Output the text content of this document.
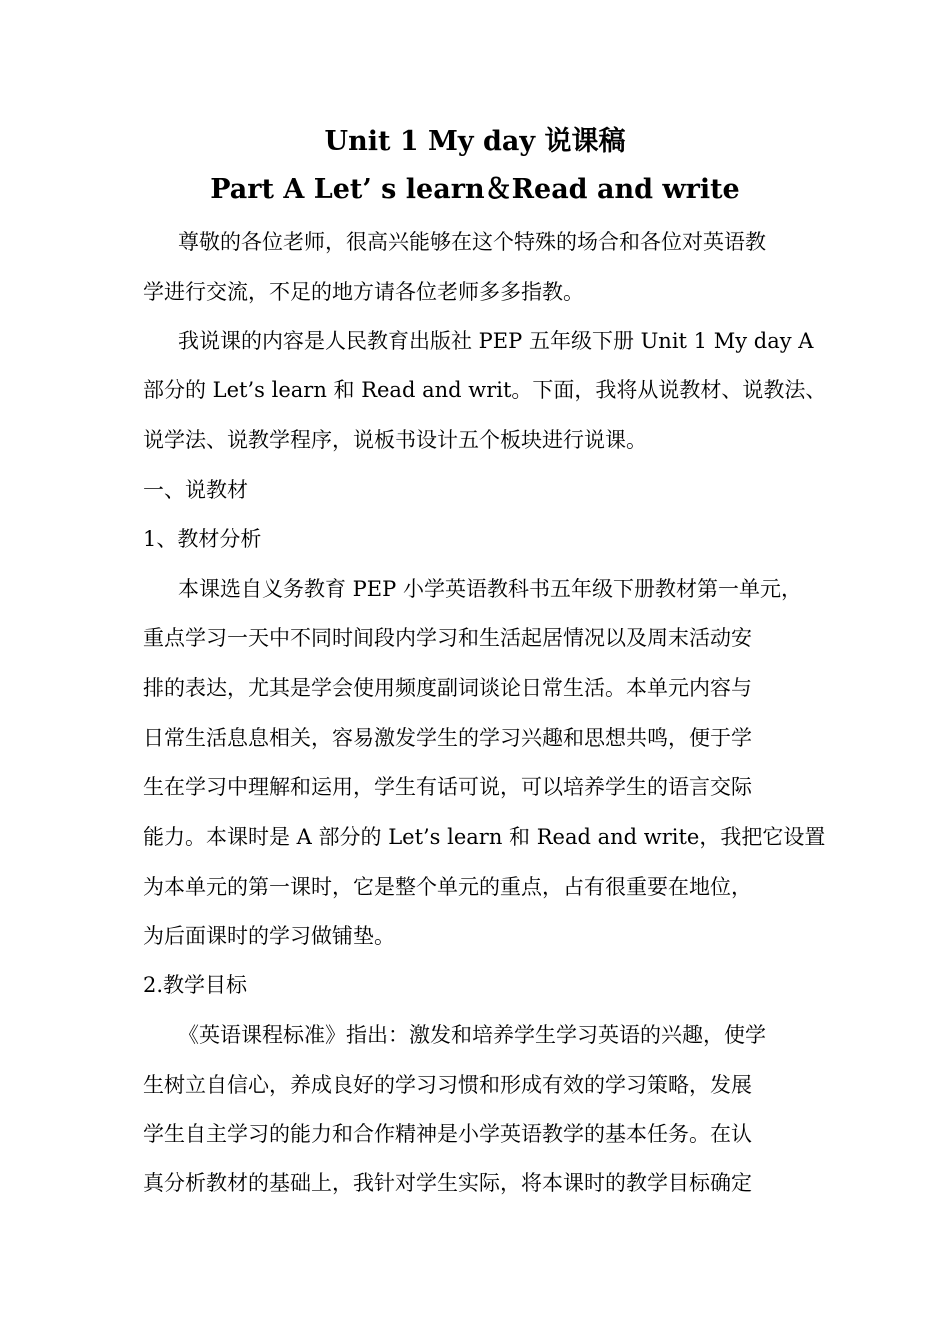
Unit 1 My day 说课稿
Part A Let’ s learn＆Read and write
尊敬的各位老师，很高兴能够在这个特殊的场合和各位对英语教
学进行交流，不足的地方请各位老师多多指教。
我说课的内容是人民教育出版社 PEP 五年级下册 Unit 1 My day A
部分的 Let’s learn 和 Read and writ。下面，我将从说教材、说教法、
说学法、说教学程序，说板书设计五个板块进行说课。
一、说教材
1、教材分析
本课选自义务教育 PEP 小学英语教科书五年级下册教材第一单元，
重点学习一天中不同时间段内学习和生活起居情况以及周末活动安
排的表达，尤其是学会使用频度副词谈论日常生活。本单元内容与
日常生活息息相关，容易激发学生的学习兴趣和思想共鸣，便于学
生在学习中理解和运用，学生有话可说，可以培养学生的语言交际
能力。本课时是 A 部分的 Let’s learn 和 Read and write，我把它设置
为本单元的第一课时，它是整个单元的重点，占有很重要在地位，
为后面课时的学习做铺垫。
2.教学目标
《英语课程标准》指出：激发和培养学生学习英语的兴趣，使学
生树立自信心，养成良好的学习习惯和形成有效的学习策略，发展
学生自主学习的能力和合作精神是小学英语教学的基本任务。在认
真分析教材的基础上，我针对学生实际，将本课时的教学目标确定
